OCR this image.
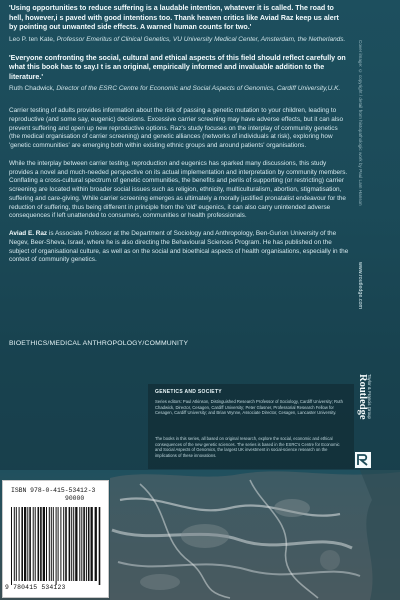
'Using opportunities to reduce suffering is a laudable intention, whatever it is called. The road to hell, however,i s paved with good intentions too. Thank heaven critics like Aviad Raz keep us alert by pointing out unwanted side effects. A warned human counts for two.'

Leo P. ten Kate, Professor Emeritus of Clinical Genetics, VU University Medical Center, Amsterdam, the Netherlands.

'Everyone confronting the social, cultural and ethical aspects of this field should reflect carefully on what this book has to say.I t is an original, empirically informed and invaluable addition to the literature.'

Ruth Chadwick, Director of the ESRC Centre for Economic and Social Aspects of Genomics, Cardiff University,U.K.

Carrier testing of adults provides information about the risk of passing a genetic mutation to your children, leading to reproductive (and some say, eugenic) decisions. Excessive carrier screening may have adverse effects, but it can also prevent suffering and open up new reproductive options. Raz's study focuses on the interplay of community genetics (the medical organisation of carrier screening) and genetic alliances (networks of individuals at risk), exploring how 'genetic communities' are emerging both within existing ethnic groups and around patients' organisations.

While the interplay between carrier testing, reproduction and eugenics has sparked many discussions, this study provides a novel and much-needed perspective on its actual implementation and interpretation by community members. Conflating a cross-cultural spectrum of genetic communities, the benefits and perils of supporting (or restricting) carrier screening are located within broader social issues such as religion, ethnicity, multiculturalism, abortion, stigmatisation, suffering and care-giving. While carrier screening emerges as ultimately a morally justified pronatalist endeavour for the reduction of suffering, thus being different in principle from the 'old' eugenics, it can also carry unintended adverse consequences if left unattended to consumers, communities or health professionals.

Aviad E. Raz is Associate Professor at the Department of Sociology and Anthropology, Ben-Gurion University of the Negev, Beer-Sheva, Israel, where he is also directing the Behavioural Sciences Program. He has published on the subject of organisational culture, as well as on the social and bioethical aspects of health organisations, especially in the context of community genetics.

BIOETHICS/MEDICAL ANTHROPOLOGY/COMMUNITY
GENETICS AND SOCIETY

Series editors: Paul Atkinson, Distinguished Research Professor of Sociology, Cardiff University; Ruth Chadwick, Director, Cesagen, Cardiff University; Peter Glasner, Professorial Research Fellow for Cesagen, Cardiff University; and Brian Wynne, Associate Director, Cesagen, Lancaster University.

The books in this series, all based on original research, explore the social, economic and ethical consequences of the new genetic sciences. The series is based in the ESRC's Centre for Economic and Social Aspects of Genomics, the largest UK investment in social-science research on the implications of these innovations.

ISBN 978-0-415-53412-3
90000
9 780415 534123
Cover image: © copyright / detail from histopathologic work by Paul Lam Hanson
www.routledge.com
Routledge Taylor & Francis Group
